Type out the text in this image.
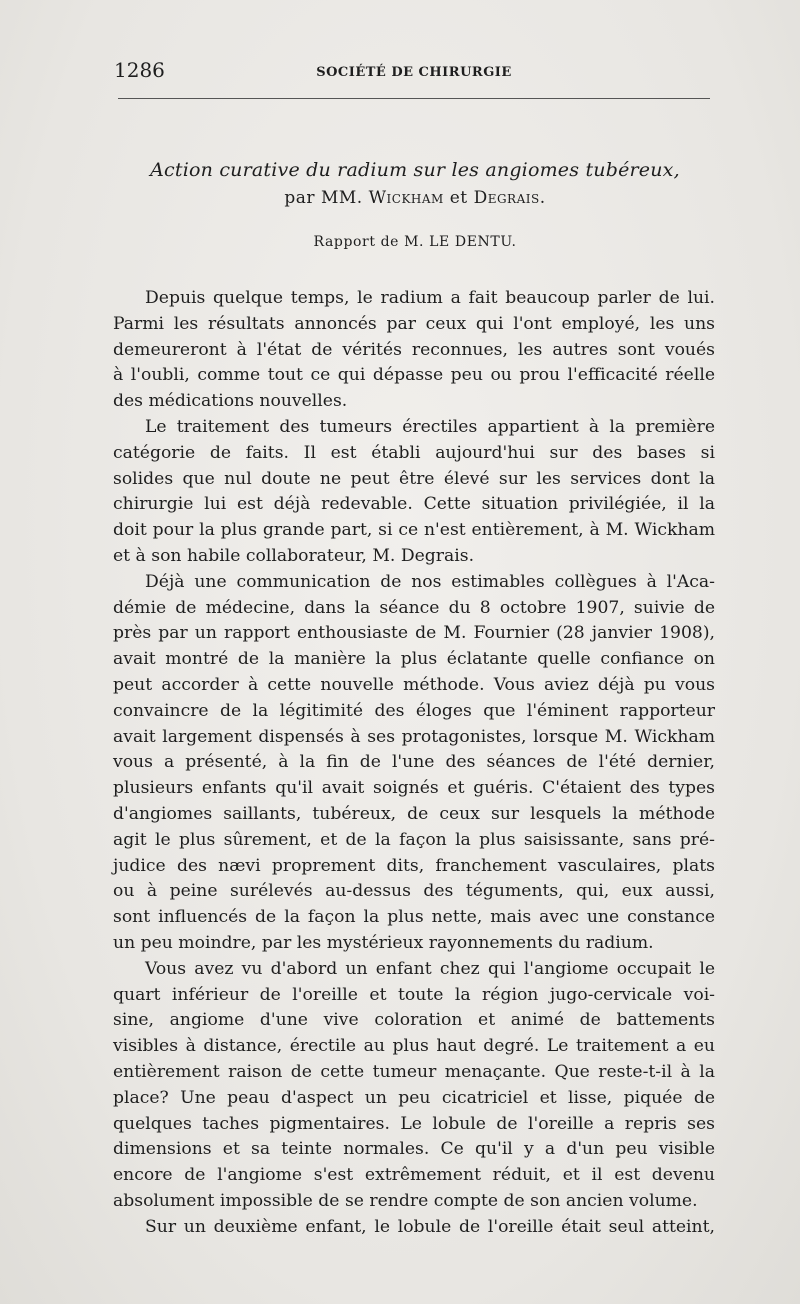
1286	SOCIÉTÉ DE CHIRURGIE
Action curative du radium sur les angiomes tubéreux,
par MM. Wickham et Degrais.
Rapport de M. LE DENTU.
Depuis quelque temps, le radium a fait beaucoup parler de lui.
Parmi les résultats annoncés par ceux qui l'ont employé, les uns
demeureront à l'état de vérités reconnues, les autres sont voués
à l'oubli, comme tout ce qui dépasse peu ou prou l'efficacité réelle
des médications nouvelles.
Le traitement des tumeurs érectiles appartient à la première
catégorie de faits. Il est établi aujourd'hui sur des bases si
solides que nul doute ne peut être élevé sur les services dont la
chirurgie lui est déjà redevable. Cette situation privilégiée, il la
doit pour la plus grande part, si ce n'est entièrement, à M. Wickham
et à son habile collaborateur, M. Degrais.
Déjà une communication de nos estimables collègues à l'Aca-
démie de médecine, dans la séance du 8 octobre 1907, suivie de
près par un rapport enthousiaste de M. Fournier (28 janvier 1908),
avait montré de la manière la plus éclatante quelle confiance on
peut accorder à cette nouvelle méthode. Vous aviez déjà pu vous
convaincre de la légitimité des éloges que l'éminent rapporteur
avait largement dispensés à ses protagonistes, lorsque M. Wickham
vous a présenté, à la fin de l'une des séances de l'été dernier,
plusieurs enfants qu'il avait soignés et guéris. C'étaient des types
d'angiomes saillants, tubéreux, de ceux sur lesquels la méthode
agit le plus sûrement, et de la façon la plus saisissante, sans pré-
judice des nævi proprement dits, franchement vasculaires, plats
ou à peine surélevés au-dessus des téguments, qui, eux aussi,
sont influencés de la façon la plus nette, mais avec une constance
un peu moindre, par les mystérieux rayonnements du radium.
Vous avez vu d'abord un enfant chez qui l'angiome occupait le
quart inférieur de l'oreille et toute la région jugo-cervicale voi-
sine, angiome d'une vive coloration et animé de battements
visibles à distance, érectile au plus haut degré. Le traitement a eu
entièrement raison de cette tumeur menaçante. Que reste-t-il à la
place? Une peau d'aspect un peu cicatriciel et lisse, piquée de
quelques taches pigmentaires. Le lobule de l'oreille a repris ses
dimensions et sa teinte normales. Ce qu'il y a d'un peu visible
encore de l'angiome s'est extrêmement réduit, et il est devenu
absolument impossible de se rendre compte de son ancien volume.
Sur un deuxième enfant, le lobule de l'oreille était seul atteint,
